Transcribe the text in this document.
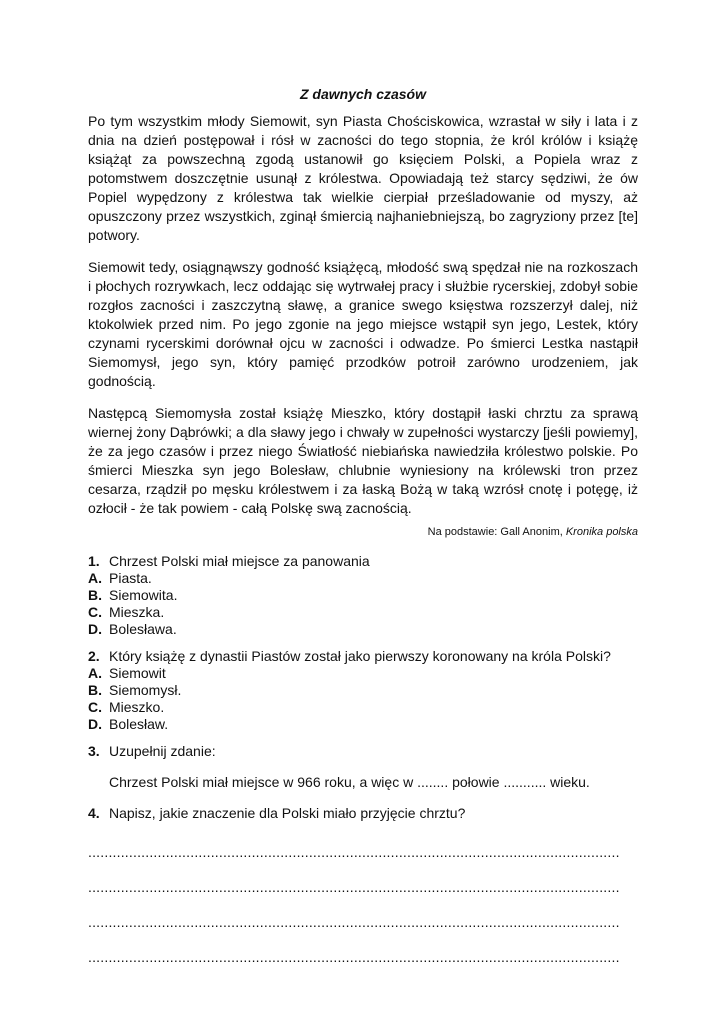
Z dawnych czasów

Po tym wszystkim młody Siemowit, syn Piasta Chościskowica, wzrastał w siły i lata i z dnia na dzień postępował i rósł w zacności do tego stopnia, że król królów i książę książąt za powszechną zgodą ustanowił go księciem Polski, a Popiela wraz z potomstwem doszczętnie usunął z królestwa. Opowiadają też starcy sędziwi, że ów Popiel wypędzony z królestwa tak wielkie cierpiał prześladowanie od myszy, aż opuszczony przez wszystkich, zginął śmiercią najhaniebniejszą, bo zagryziony przez [te] potwory.

Siemowit tedy, osiągnąwszy godność książęcą, młodość swą spędzał nie na rozkoszach i płochych rozrywkach, lecz oddając się wytrwałej pracy i służbie rycerskiej, zdobył sobie rozgłos zacności i zaszczytną sławę, a granice swego księstwa rozszerzył dalej, niż ktokolwiek przed nim. Po jego zgonie na jego miejsce wstąpił syn jego, Lestek, który czynami rycerskimi dorównał ojcu w zacności i odwadze. Po śmierci Lestka nastąpił Siemomysł, jego syn, który pamięć przodków potroił zarówno urodzeniem, jak godnością.

Następcą Siemomysła został książę Mieszko, który dostąpił łaski chrztu za sprawą wiernej żony Dąbrówki; a dla sławy jego i chwały w zupełności wystarczy [jeśli powiemy], że za jego czasów i przez niego Światłość niebiańska nawiedziła królestwo polskie. Po śmierci Mieszka syn jego Bolesław, chlubnie wyniesiony na królewski tron przez cesarza, rządził po męsku królestwem i za łaską Bożą w taką wzrósł cnotę i potęgę, iż ozłocił - że tak powiem - całą Polskę swą zacnością.

Na podstawie: Gall Anonim, Kronika polska
1. Chrzest Polski miał miejsce za panowania
A. Piasta.
B. Siemowita.
C. Mieszka.
D. Bolesława.
2. Który książę z dynastii Piastów został jako pierwszy koronowany na króla Polski?
A. Siemowit
B. Siemomysł.
C. Mieszko.
D. Bolesław.
3. Uzupełnij zdanie:
Chrzest Polski miał miejsce w 966 roku, a więc w ........ połowie ........... wieku.
4. Napisz, jakie znaczenie dla Polski miało przyjęcie chrztu?
..................................................................................................................................
..................................................................................................................................
..................................................................................................................................
..................................................................................................................................
